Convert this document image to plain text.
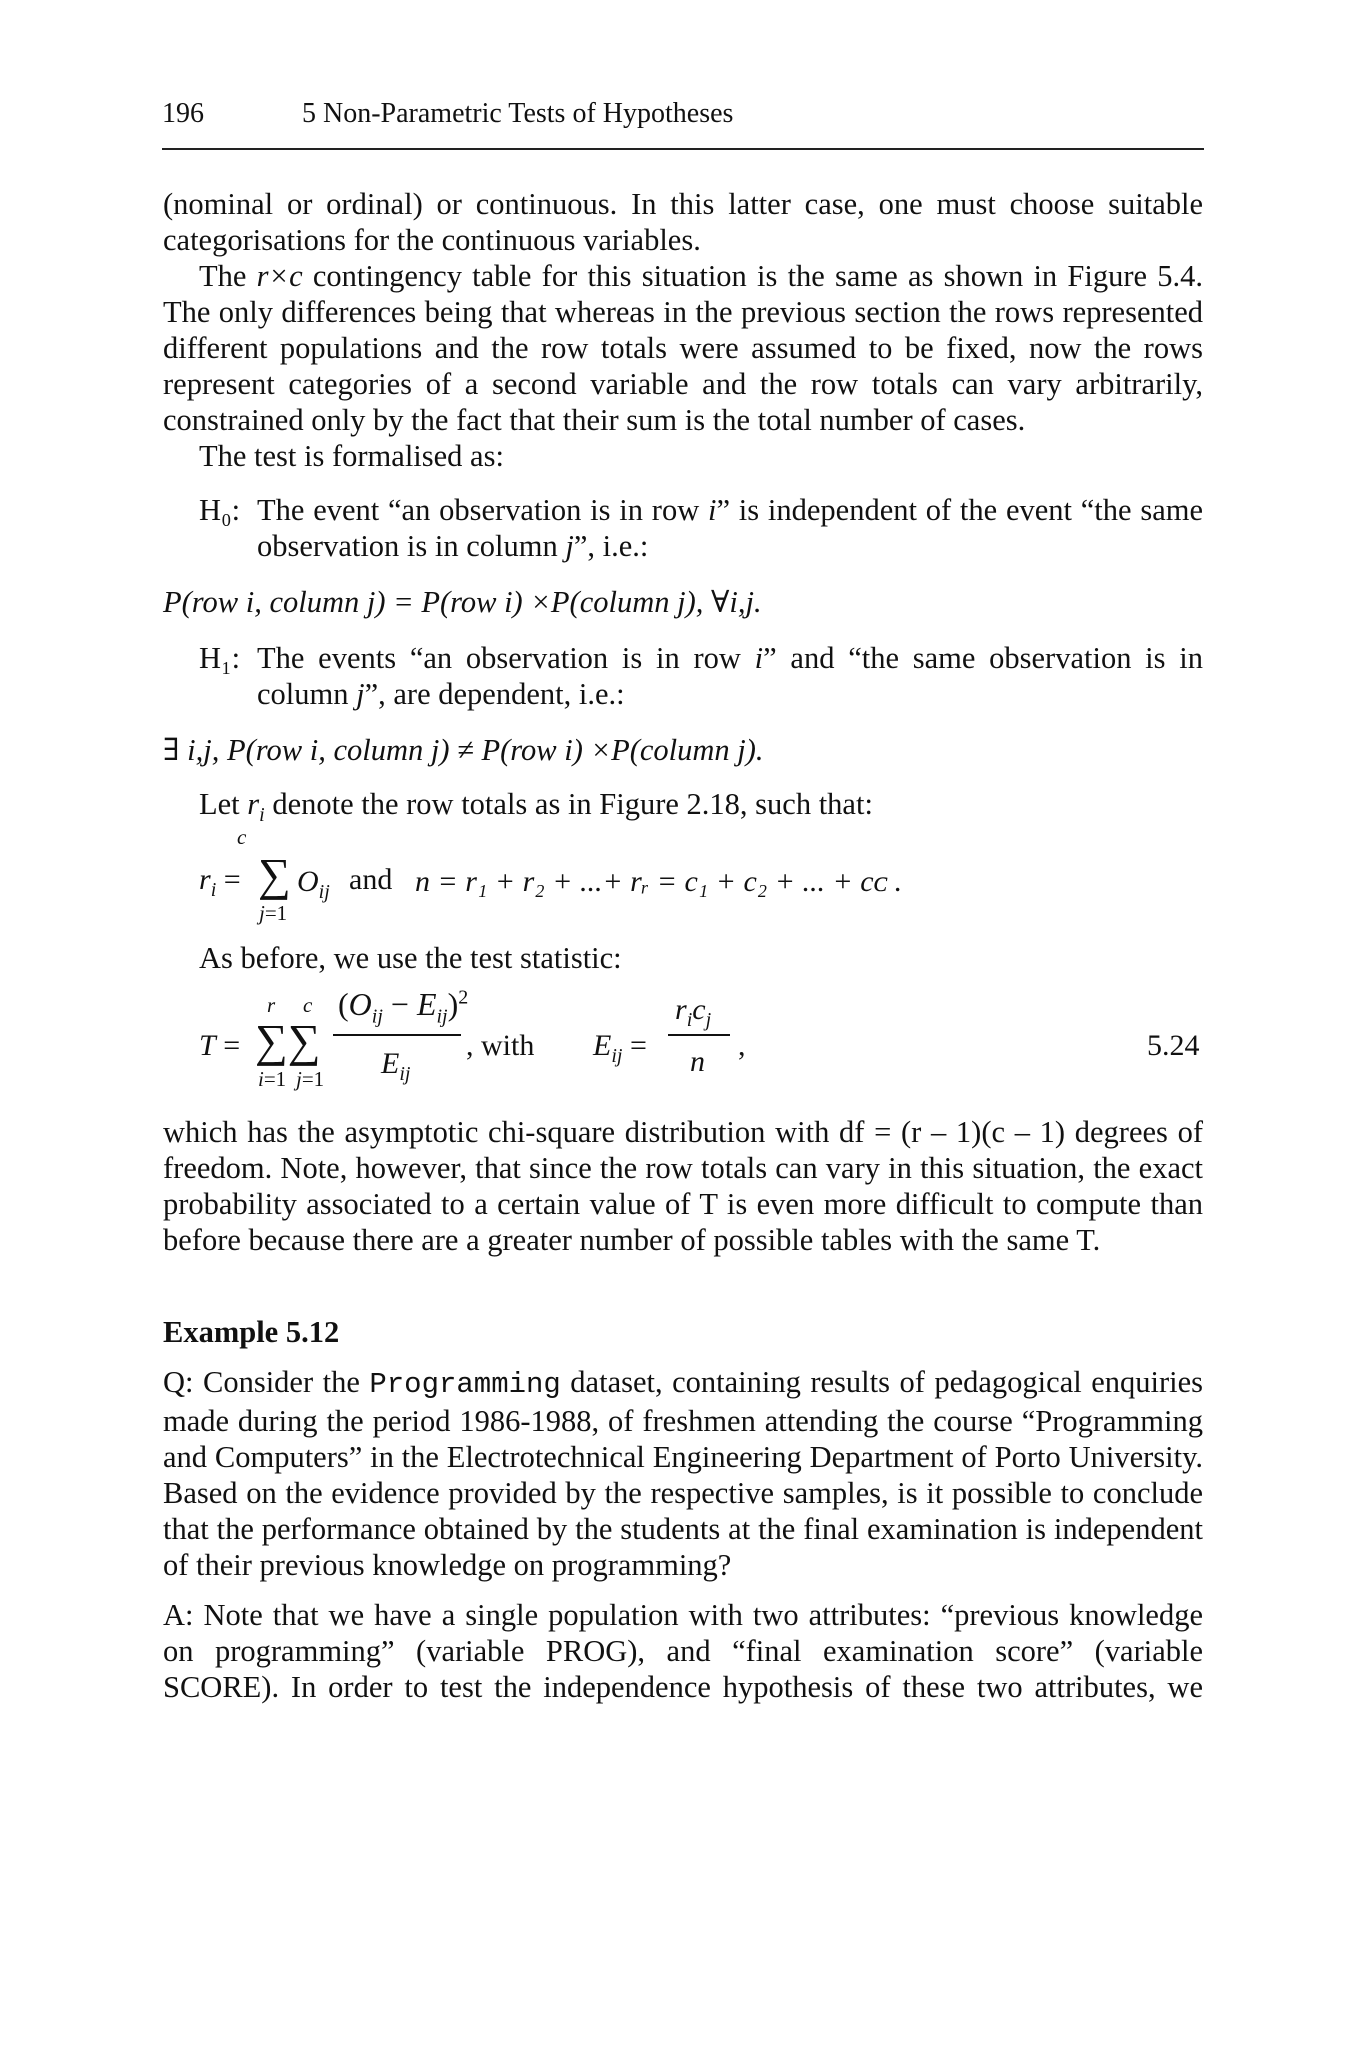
196	5 Non-Parametric Tests of Hypotheses

(nominal or ordinal) or continuous. In this latter case, one must choose suitable categorisations for the continuous variables.

The r×c contingency table for this situation is the same as shown in Figure 5.4. The only differences being that whereas in the previous section the rows represented different populations and the row totals were assumed to be fixed, now the rows represent categories of a second variable and the row totals can vary arbitrarily, constrained only by the fact that their sum is the total number of cases.

The test is formalised as:

H₀: The event “an observation is in row i” is independent of the event “the same observation is in column j”, i.e.:

P(row i, column j) = P(row i) ×P(column j), ∀i,j.

H₁: The events “an observation is in row i” and “the same observation is in column j”, are dependent, i.e.:

∃ i,j, P(row i, column j) ≠ P(row i) ×P(column j).

Let $r_i$ denote the row totals as in Figure 2.18, such that:

c
$r_i$ = ∑ $O_{ij}$
j=1
and n = r₁ + r₂ + ...+ rᵣ = c₁ + c₂ + ... + cᴄ .

As before, we use the test statistic:

T =
r c
∑∑
i=1 j=1
$(O_{ij} - E_{ij})^2$
$E_{ij}$
, with $E_{ij}$ =
$r_ic_j$
n ,	5.24

which has the asymptotic chi-square distribution with df = (r – 1)(c – 1) degrees of freedom. Note, however, that since the row totals can vary in this situation, the exact probability associated to a certain value of T is even more difficult to compute than before because there are a greater number of possible tables with the same T.

Example 5.12

Q: Consider the Programming dataset, containing results of pedagogical enquiries made during the period 1986-1988, of freshmen attending the course “Programming and Computers” in the Electrotechnical Engineering Department of Porto University. Based on the evidence provided by the respective samples, is it possible to conclude that the performance obtained by the students at the final examination is independent of their previous knowledge on programming?

A: Note that we have a single population with two attributes: “previous knowledge on programming” (variable PROG), and “final examination score” (variable SCORE). In order to test the independence hypothesis of these two attributes, we
